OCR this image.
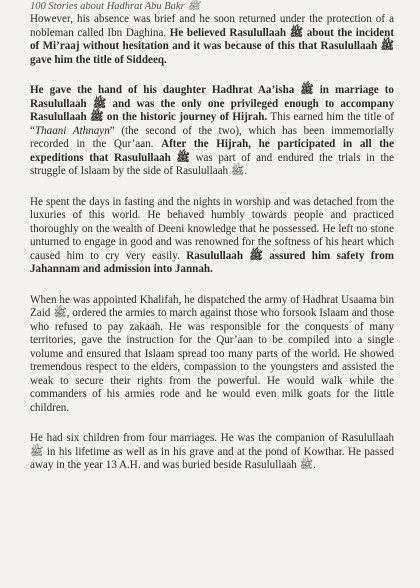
100 Stories about Hadhrat Abu Bakr ﷺ

However, his absence was brief and he soon returned under the protection of a nobleman called Ibn Daghina. He believed Rasulullaah ﷺ about the incident of Mi’raaj without hesitation and it was because of this that Rasulullaah ﷺ gave him the title of Siddeeq.

He gave the hand of his daughter Hadhrat Aa’isha ﷺ in marriage to Rasulullaah ﷺ and was the only one privileged enough to accompany Rasulullaah ﷺ on the historic journey of Hijrah. This earned him the title of “Thaani Athnayn” (the second of the two), which has been immemorially recorded in the Qur’aan. After the Hijrah, he participated in all the expeditions that Rasulullaah ﷺ was part of and endured the trials in the struggle of Islaam by the side of Rasulullaah ﷺ.

He spent the days in fasting and the nights in worship and was detached from the luxuries of this world. He behaved humbly towards people and practiced thoroughly on the wealth of Deeni knowledge that he possessed. He left no stone unturned to engage in good and was renowned for the softness of his heart which caused him to cry very easily. Rasulullaah ﷺ assured him safety from Jahannam and admission into Jannah.

When he was appointed Khalifah, he dispatched the army of Hadhrat Usaama bin Zaid ﷺ, ordered the armies to march against those who forsook Islaam and those who refused to pay zakaah. He was responsible for the conquests of many territories, gave the instruction for the Qur’aan to be compiled into a single volume and ensured that Islaam spread too many parts of the world. He showed tremendous respect to the elders, compassion to the youngsters and assisted the weak to secure their rights from the powerful. He would walk while the commanders of his armies rode and he would even milk goats for the little children.

He had six children from four marriages. He was the companion of Rasulullaah ﷺ in his lifetime as well as in his grave and at the pond of Kowthar. He passed away in the year 13 A.H. and was buried beside Rasulullaah ﷺ.
